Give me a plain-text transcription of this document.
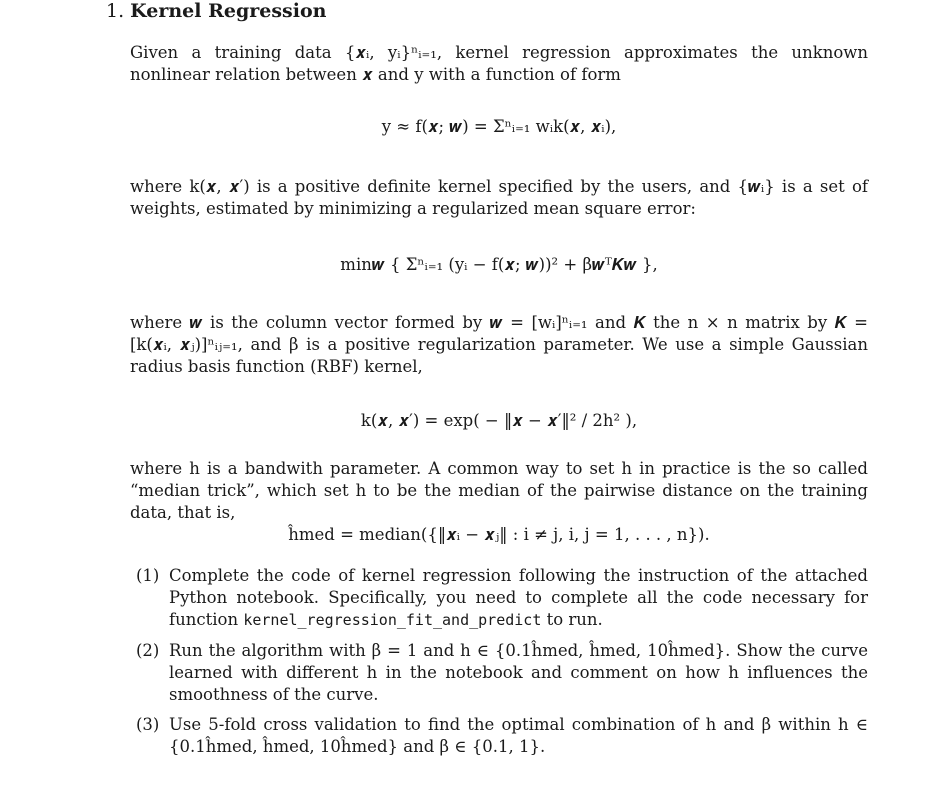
1. Kernel Regression

Given a training data {𝒙ᵢ, yᵢ}ⁿᵢ₌₁, kernel regression approximates the unknown nonlinear relation between 𝒙 and y with a function of form

y ≈ f(𝒙; 𝒘) = Σⁿᵢ₌₁ wᵢk(𝒙, 𝒙ᵢ),

where k(𝒙, 𝒙′) is a positive definite kernel specified by the users, and {𝒘ᵢ} is a set of weights, estimated by minimizing a regularized mean square error:

min𝒘 { Σⁿᵢ₌₁ (yᵢ − f(𝒙; 𝒘))² + β𝒘ᵀ𝑲𝒘 },

where 𝒘 is the column vector formed by 𝒘 = [wᵢ]ⁿᵢ₌₁ and 𝑲 the n × n matrix by 𝑲 = [k(𝒙ᵢ, 𝒙ⱼ)]ⁿᵢⱼ₌₁, and β is a positive regularization parameter. We use a simple Gaussian radius basis function (RBF) kernel,

k(𝒙, 𝒙′) = exp( − ‖𝒙 − 𝒙′‖² / 2h² ),

where h is a bandwith parameter. A common way to set h in practice is the so called “median trick”, which set h to be the median of the pairwise distance on the training data, that is,

ĥmed = median({‖𝒙ᵢ − 𝒙ⱼ‖ : i ≠ j, i, j = 1, . . . , n}).

(1) Complete the code of kernel regression following the instruction of the attached Python notebook. Specifically, you need to complete all the code necessary for function kernel_regression_fit_and_predict to run.
(2) Run the algorithm with β = 1 and h ∈ {0.1ĥmed, ĥmed, 10ĥmed}. Show the curve learned with different h in the notebook and comment on how h influences the smoothness of the curve.
(3) Use 5-fold cross validation to find the optimal combination of h and β within h ∈ {0.1ĥmed, ĥmed, 10ĥmed} and β ∈ {0.1, 1}.
